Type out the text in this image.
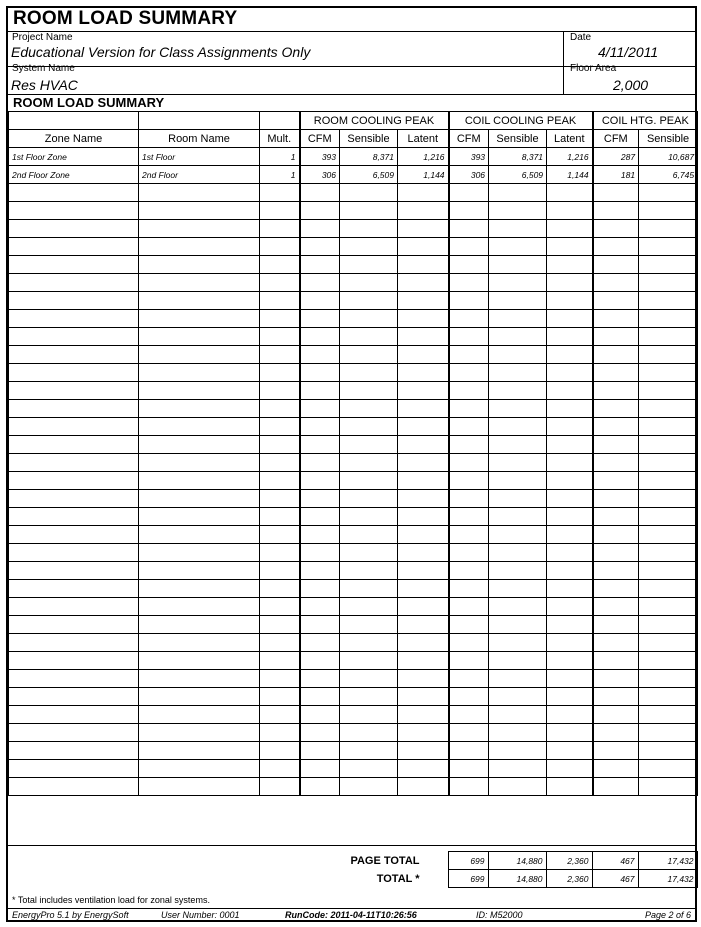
ROOM LOAD SUMMARY
Project Name
Educational Version for Class Assignments Only
Date
4/11/2011
System Name
Res HVAC
Floor Area
2,000
ROOM LOAD SUMMARY
			ROOM COOLING PEAK			COIL COOLING PEAK			COIL HTG. PEAK	
Zone Name	Room Name	Mult.	CFM	Sensible	Latent	CFM	Sensible	Latent	CFM	Sensible
1st Floor Zone	1st Floor	1	393	8,371	1,216	393	8,371	1,216	287	10,687
2nd Floor Zone	2nd Floor	1	306	6,509	1,144	306	6,509	1,144	181	6,745

		PAGE TOTAL	699	14,880	2,360	467	17,432
		TOTAL *	699	14,880	2,360	467	17,432
* Total includes ventilation load for zonal systems.
EnergyPro 5.1 by EnergySoft	User Number: 0001	RunCode: 2011-04-11T10:26:56	ID: M52000	Page 2 of 6
